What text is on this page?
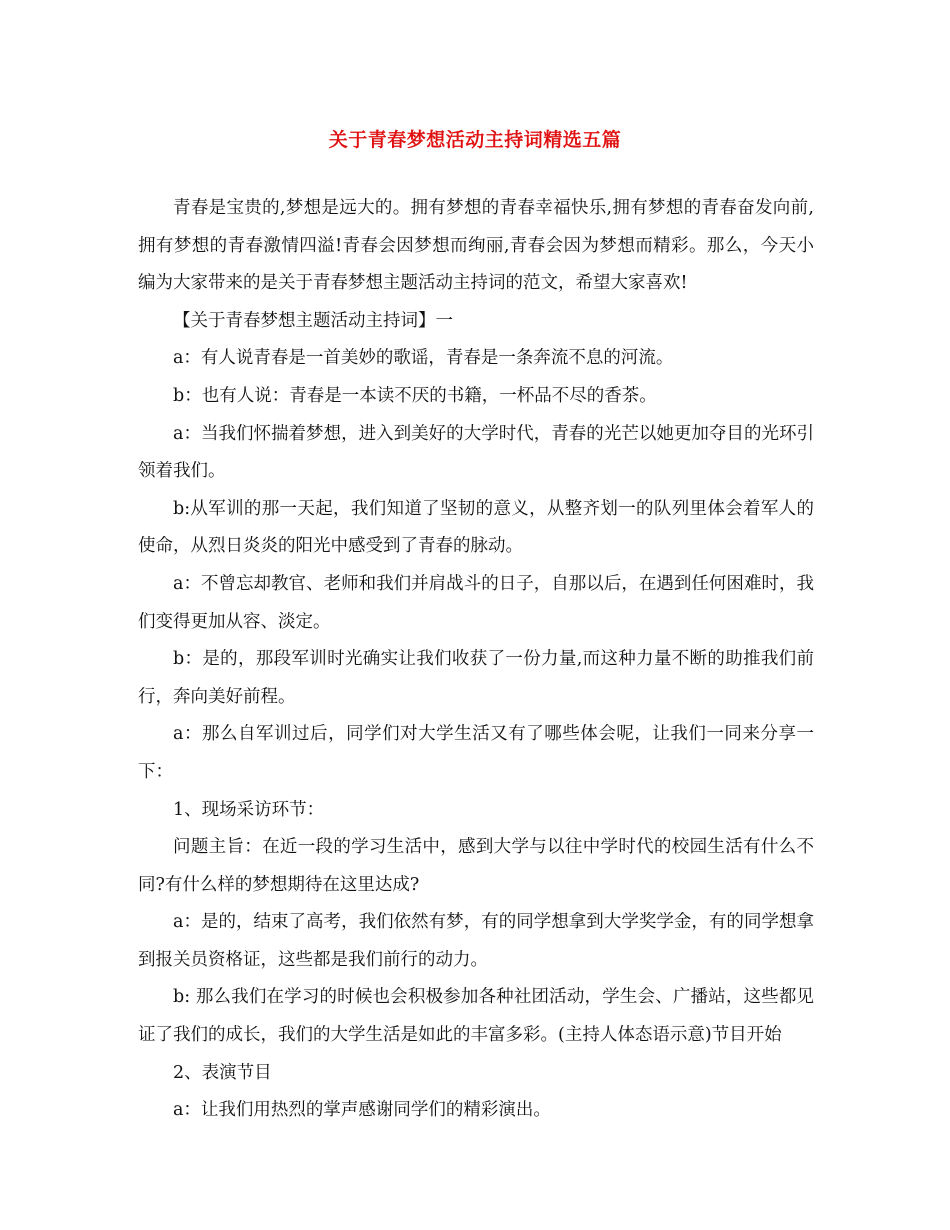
关于青春梦想活动主持词精选五篇

青春是宝贵的,梦想是远大的。拥有梦想的青春幸福快乐,拥有梦想的青春奋发向前,拥有梦想的青春激情四溢!青春会因梦想而绚丽,青春会因为梦想而精彩。那么，今天小编为大家带来的是关于青春梦想主题活动主持词的范文，希望大家喜欢!

【关于青春梦想主题活动主持词】一

a：有人说青春是一首美妙的歌谣，青春是一条奔流不息的河流。

b：也有人说：青春是一本读不厌的书籍，一杯品不尽的香茶。

a：当我们怀揣着梦想，进入到美好的大学时代，青春的光芒以她更加夺目的光环引领着我们。

b:从军训的那一天起，我们知道了坚韧的意义，从整齐划一的队列里体会着军人的使命，从烈日炎炎的阳光中感受到了青春的脉动。

a：不曾忘却教官、老师和我们并肩战斗的日子，自那以后，在遇到任何困难时，我们变得更加从容、淡定。

b：是的，那段军训时光确实让我们收获了一份力量,而这种力量不断的助推我们前行，奔向美好前程。

a：那么自军训过后，同学们对大学生活又有了哪些体会呢，让我们一同来分享一下：

1、现场采访环节：

问题主旨：在近一段的学习生活中，感到大学与以往中学时代的校园生活有什么不同?有什么样的梦想期待在这里达成?

a：是的，结束了高考，我们依然有梦，有的同学想拿到大学奖学金，有的同学想拿到报关员资格证，这些都是我们前行的动力。

b: 那么我们在学习的时候也会积极参加各种社团活动，学生会、广播站，这些都见证了我们的成长，我们的大学生活是如此的丰富多彩。(主持人体态语示意)节目开始

2、表演节目

a：让我们用热烈的掌声感谢同学们的精彩演出。
